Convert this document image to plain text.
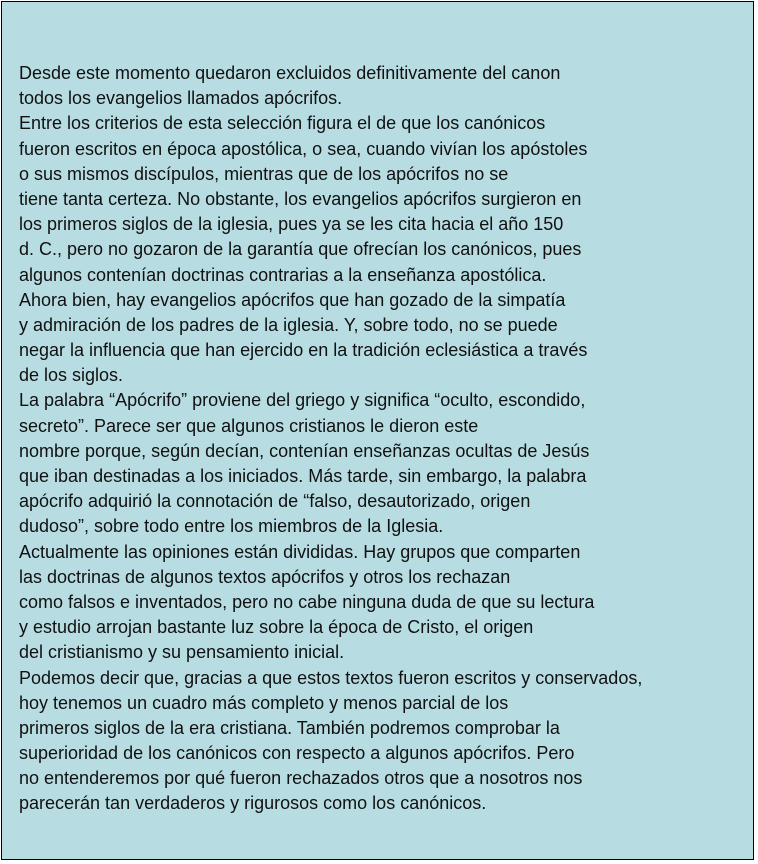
Desde este momento quedaron excluidos definitivamente del canon
todos los evangelios llamados apócrifos.
Entre los criterios de esta selección figura el de que los canónicos
fueron escritos en época apostólica, o sea, cuando vivían los apóstoles
o sus mismos discípulos, mientras que de los apócrifos no se
tiene tanta certeza. No obstante, los evangelios apócrifos surgieron en
los primeros siglos de la iglesia, pues ya se les cita hacia el año 150
d. C., pero no gozaron de la garantía que ofrecían los canónicos, pues
algunos contenían doctrinas contrarias a la enseñanza apostólica.
Ahora bien, hay evangelios apócrifos que han gozado de la simpatía
y admiración de los padres de la iglesia. Y, sobre todo, no se puede
negar la influencia que han ejercido en la tradición eclesiástica a través
de los siglos.
La palabra “Apócrifo” proviene del griego y significa “oculto, escondido,
secreto”. Parece ser que algunos cristianos le dieron este
nombre porque, según decían, contenían enseñanzas ocultas de Jesús
que iban destinadas a los iniciados. Más tarde, sin embargo, la palabra
apócrifo adquirió la connotación de “falso, desautorizado, origen
dudoso”, sobre todo entre los miembros de la Iglesia.
Actualmente las opiniones están divididas. Hay grupos que comparten
las doctrinas de algunos textos apócrifos y otros los rechazan
como falsos e inventados, pero no cabe ninguna duda de que su lectura
y estudio arrojan bastante luz sobre la época de Cristo, el origen
del cristianismo y su pensamiento inicial.
Podemos decir que, gracias a que estos textos fueron escritos y conservados,
hoy tenemos un cuadro más completo y menos parcial de los
primeros siglos de la era cristiana. También podremos comprobar la
superioridad de los canónicos con respecto a algunos apócrifos. Pero
no entenderemos por qué fueron rechazados otros que a nosotros nos
parecerán tan verdaderos y rigurosos como los canónicos.
